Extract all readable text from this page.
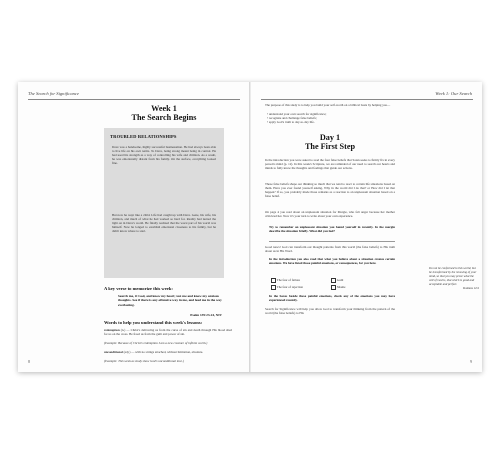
The Search for Significance
Week 1
The Search Begins
TROUBLED RELATIONSHIPS
Dave was a handsome, highly successful businessman. He had always been able to live life on his own terms. To Dave, being strong meant being in control. He had used his strength as a way of controlling his wife and children. As a result, he was emotionally distant from his family. On the surface, everything looked fine.
But now he wept like a child. Life had caught up with Dave. Gene, his wife, his children, and much of what he had worked so hard for. Reality had turned the light on in Dave's world. He finally realized that the worst part of his world was himself. Now he longed to establish emotional closeness to his family, but he didn't know where to start.
A key verse to memorize this week:
Search me, O God, and know my heart; test me and know my anxious thoughts. See if there is any offensive way in me, and lead me in the way everlasting.
Psalm 139:23-24, NIV
Words to help you understand this week's lessons:
redemption (n.) — Christ's delivering us from the curse of sin and death through His blood shed for us on the cross. He freed us from the guilt and power of sin.
(Example: Because of Christ's redemption I am a new creature of infinite worth.)
unconditional (adj.) — with no strings attached, without limitation, absolute.
(Example: This week as study show God's unconditional love.)
8
Week 1: Our Search
The purpose of this study is to help you build your self-worth on a biblical basis by helping you—
• understand your own search for significance;
• recognize and challenge false beliefs;
• apply God's truth to day-to-day life.
Day 1
The First Step
In the introduction you were asked to read the four false beliefs that Satan seeks to firmly fix in every person's mind (p. 12). In this week's Scripture, we are reminded of our need to search our hearts and minds to fully know the thoughts and feelings that guide our actions.
These false beliefs shape our thinking so much that we tend to react to certain life situations based on them. Have you ever found yourself asking, Why in the world did I do that? or How did I let that happen? If so, you probably made those remarks as a reaction to an unpleasant situation based on a false belief.
On page 4 you read about an unpleasant situation for Margie, who felt anger because her mother criticized her. Now it's your turn to write about your own experience.
Try to remember an unpleasant situation you found yourself in recently. In the margin describe the situation briefly. What did you feel?
Good news! God can transform our thought patterns from this world (the false beliefs) to His truth about us in His Word.
In the introduction you also read that what you believe about a situation creates certain emotions. We have listed those painful emotions, or consequences, for you here.
The fear of failure	Guilt
The fear of rejection	Shame
In the boxes beside these painful emotions, check any of the emotions you may have experienced recently.
Search for Significance will help you allow God to transform your thinking from the pattern of the world (the false beliefs) to His
Do not be conformed to this world, but be transformed by the renewing of your mind, so that you may prove what the will of God is, that which is good and acceptable and perfect.
Romans 12:2
9
